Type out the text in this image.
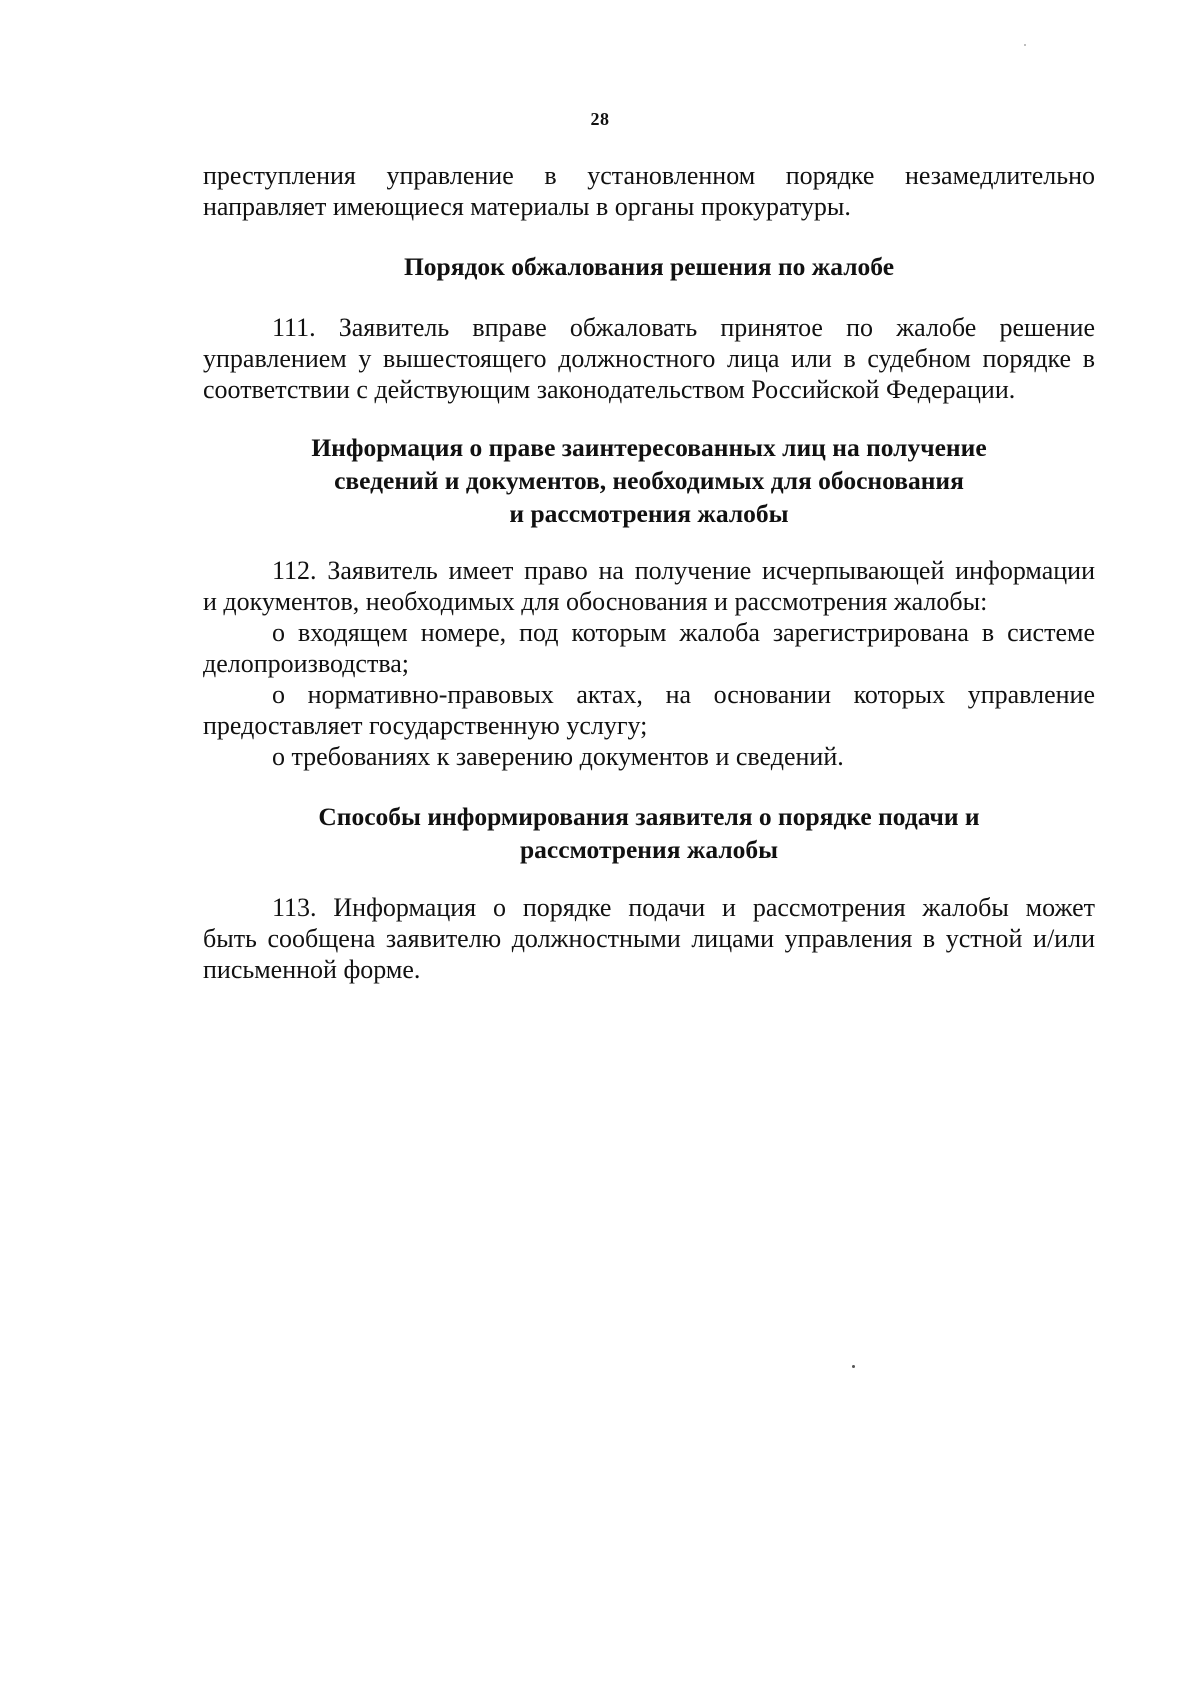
28
преступления управление в установленном порядке незамедлительно
направляет имеющиеся материалы в органы прокуратуры.
Порядок обжалования решения по жалобе
111. Заявитель вправе обжаловать принятое по жалобе решение
управлением у вышестоящего должностного лица или в судебном порядке в
соответствии с действующим законодательством Российской Федерации.
Информация о праве заинтересованных лиц на получение
сведений и документов, необходимых для обоснования
и рассмотрения жалобы
112. Заявитель имеет право на получение исчерпывающей информации
и документов, необходимых для обоснования и рассмотрения жалобы:
о входящем номере, под которым жалоба зарегистрирована в системе
делопроизводства;
о нормативно-правовых актах, на основании которых управление
предоставляет государственную услугу;
о требованиях к заверению документов и сведений.
Способы информирования заявителя о порядке подачи и
рассмотрения жалобы
113. Информация о порядке подачи и рассмотрения жалобы может
быть сообщена заявителю должностными лицами управления в устной и/или
письменной форме.
